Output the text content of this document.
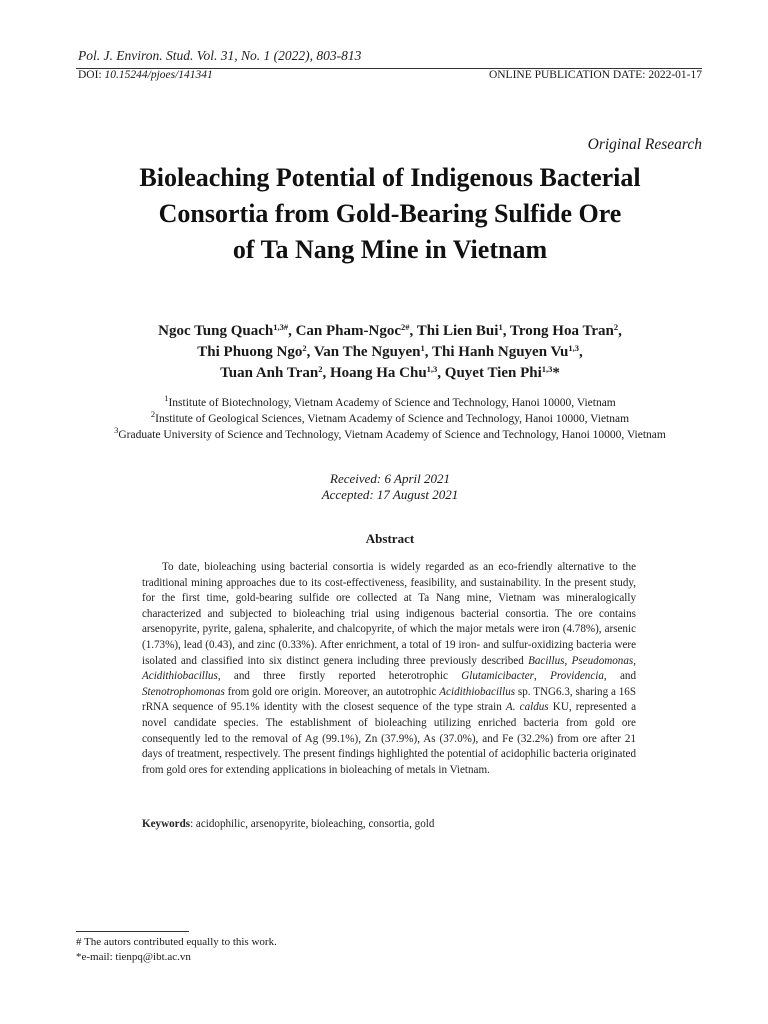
Pol. J. Environ. Stud. Vol. 31, No. 1 (2022), 803-813
DOI: 10.15244/pjoes/141341	ONLINE PUBLICATION DATE: 2022-01-17
Original Research
Bioleaching Potential of Indigenous Bacterial
Consortia from Gold-Bearing Sulfide Ore
of Ta Nang Mine in Vietnam
Ngoc Tung Quach$^{1,3\#}$, Can Pham-Ngoc$^{2\#}$, Thi Lien Bui$^1$, Trong Hoa Tran$^2$,
Thi Phuong Ngo$^2$, Van The Nguyen$^1$, Thi Hanh Nguyen Vu$^{1,3}$,
Tuan Anh Tran$^2$, Hoang Ha Chu$^{1,3}$, Quyet Tien Phi$^{1,3}$*
$^1$Institute of Biotechnology, Vietnam Academy of Science and Technology, Hanoi 10000, Vietnam
$^2$Institute of Geological Sciences, Vietnam Academy of Science and Technology, Hanoi 10000, Vietnam
$^3$Graduate University of Science and Technology, Vietnam Academy of Science and Technology, Hanoi 10000, Vietnam
Received: 6 April 2021
Accepted: 17 August 2021
Abstract
To date, bioleaching using bacterial consortia is widely regarded as an eco-friendly alternative to the traditional mining approaches due to its cost-effectiveness, feasibility, and sustainability. In the present study, for the first time, gold-bearing sulfide ore collected at Ta Nang mine, Vietnam was mineralogically characterized and subjected to bioleaching trial using indigenous bacterial consortia. The ore contains arsenopyrite, pyrite, galena, sphalerite, and chalcopyrite, of which the major metals were iron (4.78%), arsenic (1.73%), lead (0.43), and zinc (0.33%). After enrichment, a total of 19 iron- and sulfur-oxidizing bacteria were isolated and classified into six distinct genera including three previously described Bacillus, Pseudomonas, Acidithiobacillus, and three firstly reported heterotrophic Glutamicibacter, Providencia, and Stenotrophomonas from gold ore origin. Moreover, an autotrophic Acidithiobacillus sp. TNG6.3, sharing a 16S rRNA sequence of 95.1% identity with the closest sequence of the type strain A. caldus KU, represented a novel candidate species. The establishment of bioleaching utilizing enriched bacteria from gold ore consequently led to the removal of Ag (99.1%), Zn (37.9%), As (37.0%), and Fe (32.2%) from ore after 21 days of treatment, respectively. The present findings highlighted the potential of acidophilic bacteria originated from gold ores for extending applications in bioleaching of metals in Vietnam.
Keywords: acidophilic, arsenopyrite, bioleaching, consortia, gold
# The autors contributed equally to this work.
*e-mail: tienpq@ibt.ac.vn
